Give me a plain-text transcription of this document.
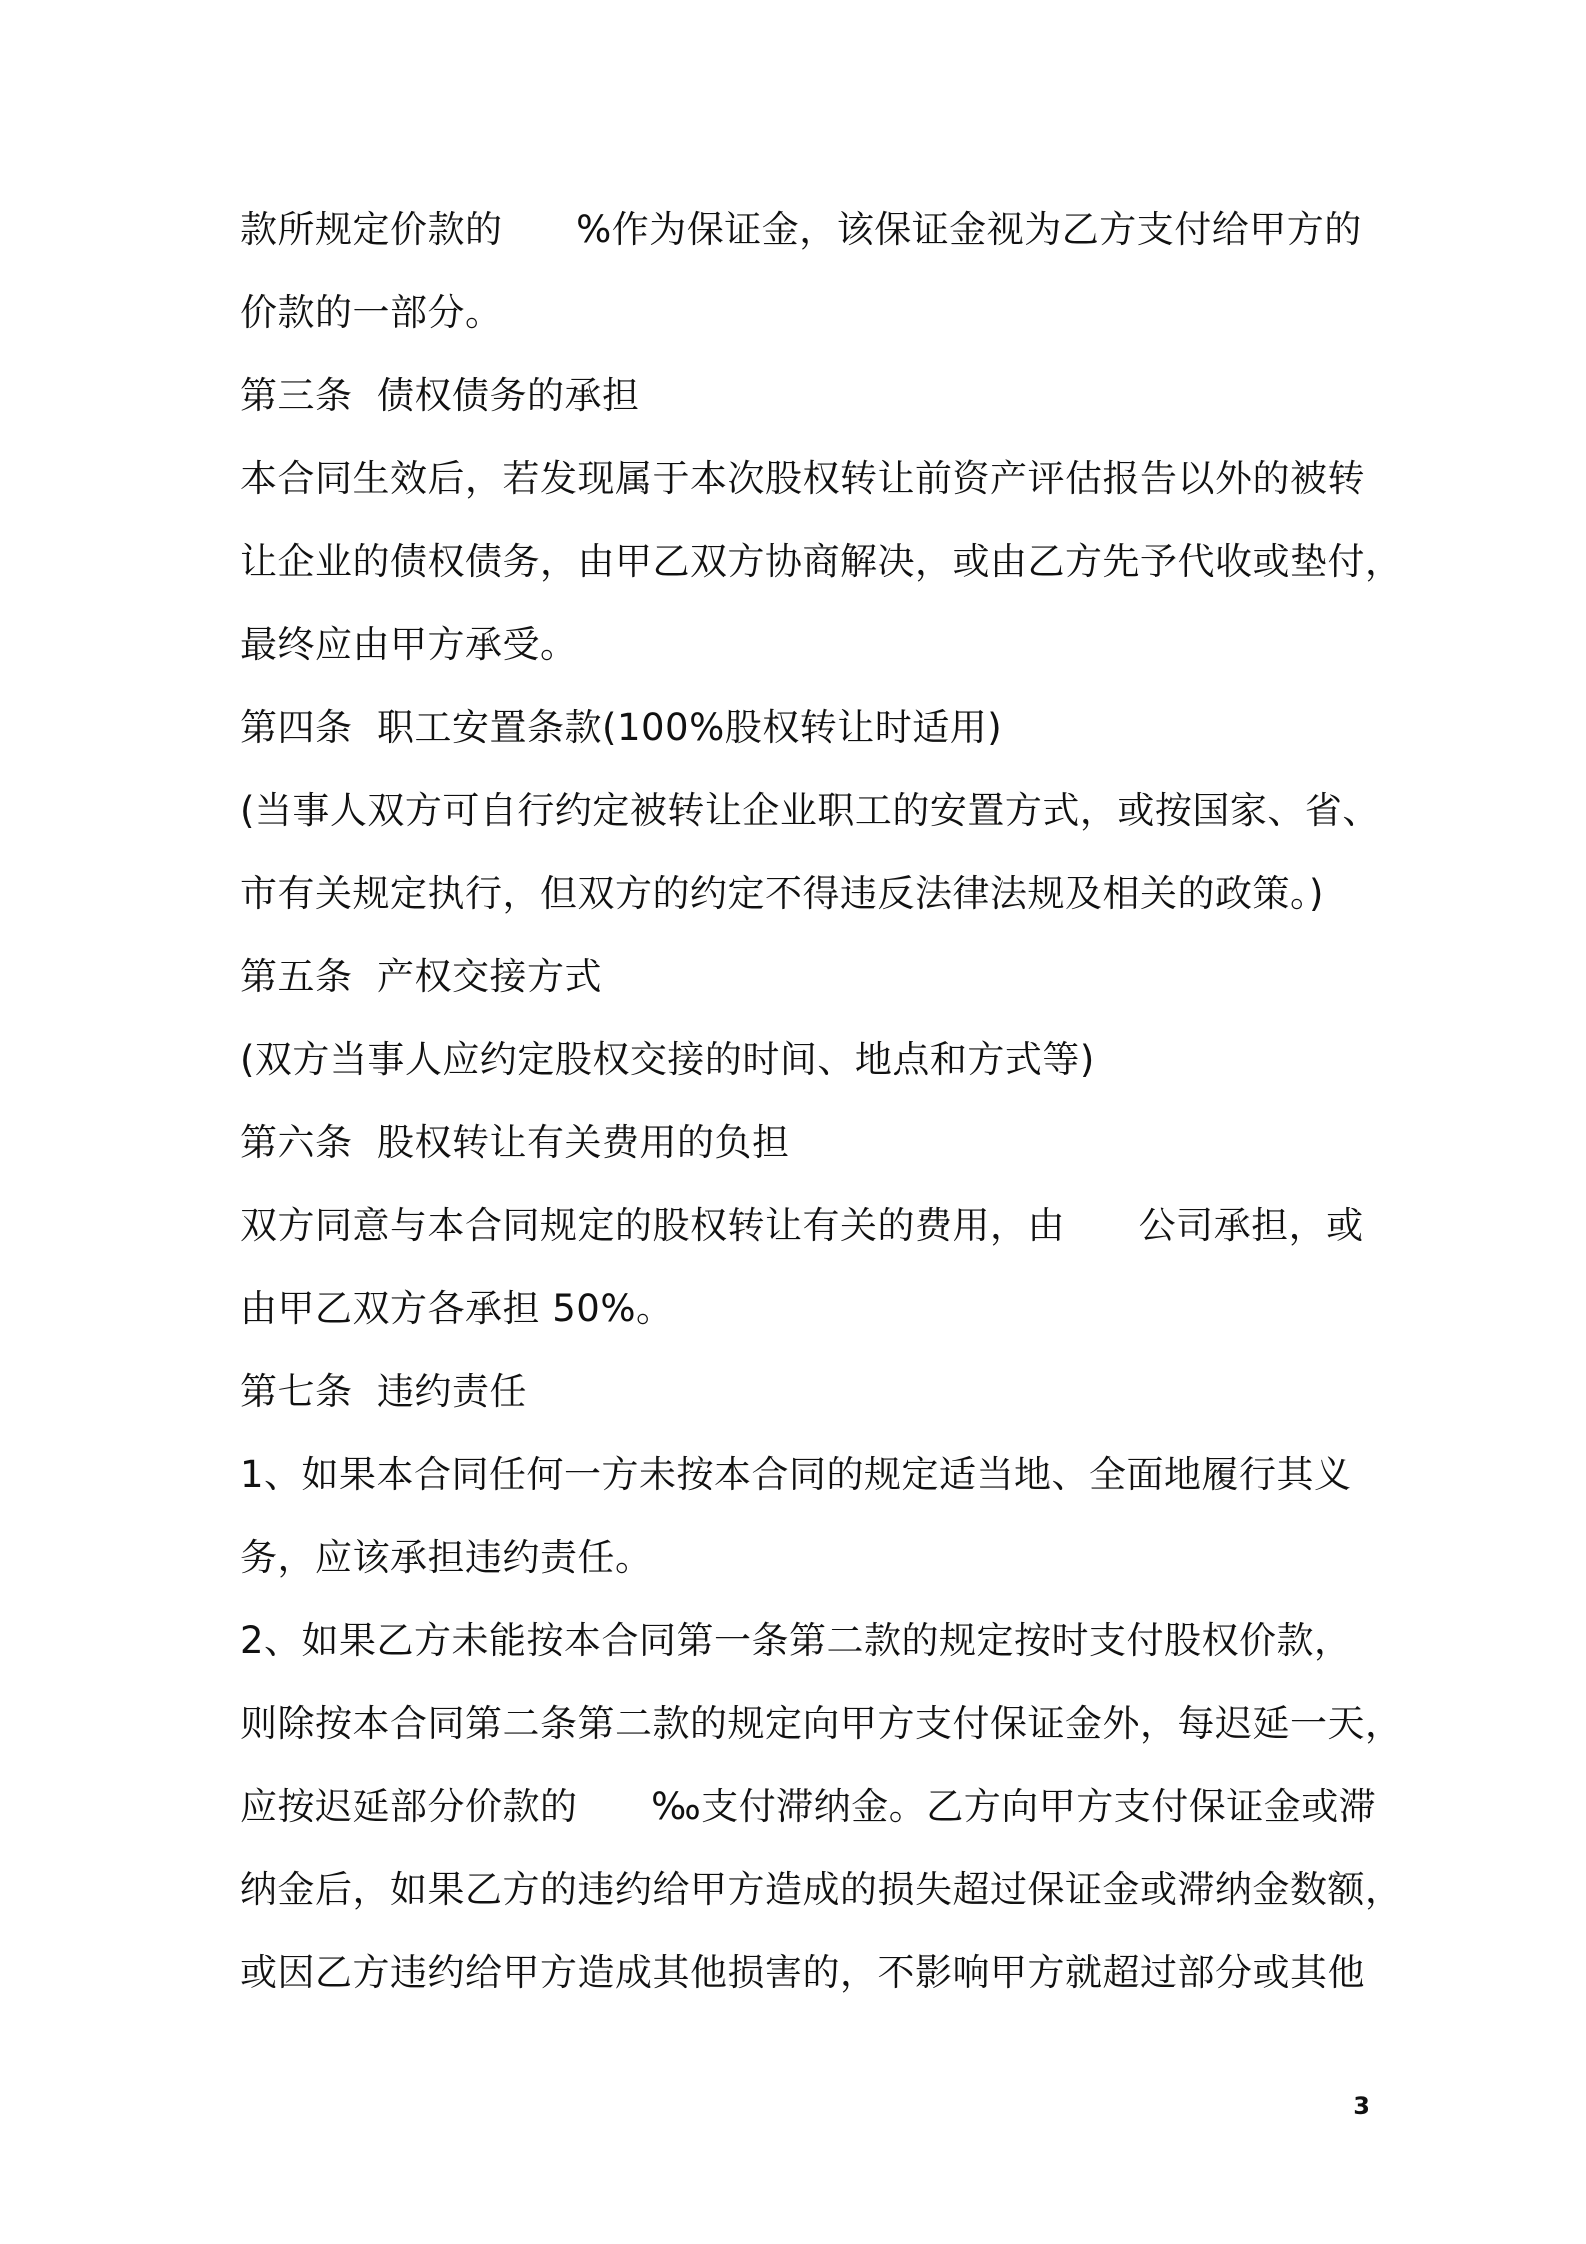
款所规定价款的      %作为保证金，该保证金视为乙方支付给甲方的
价款的一部分。
第三条  债权债务的承担
本合同生效后，若发现属于本次股权转让前资产评估报告以外的被转
让企业的债权债务，由甲乙双方协商解决，或由乙方先予代收或垫付，
最终应由甲方承受。
第四条  职工安置条款(100%股权转让时适用)
(当事人双方可自行约定被转让企业职工的安置方式，或按国家、省、
市有关规定执行，但双方的约定不得违反法律法规及相关的政策。)
第五条  产权交接方式
(双方当事人应约定股权交接的时间、地点和方式等)
第六条  股权转让有关费用的负担
双方同意与本合同规定的股权转让有关的费用，由      公司承担，或
由甲乙双方各承担 50%。
第七条  违约责任
1、如果本合同任何一方未按本合同的规定适当地、全面地履行其义
务，应该承担违约责任。
2、如果乙方未能按本合同第一条第二款的规定按时支付股权价款，
则除按本合同第二条第二款的规定向甲方支付保证金外，每迟延一天，
应按迟延部分价款的      ‰支付滞纳金。乙方向甲方支付保证金或滞
纳金后，如果乙方的违约给甲方造成的损失超过保证金或滞纳金数额，
或因乙方违约给甲方造成其他损害的，不影响甲方就超过部分或其他
3
